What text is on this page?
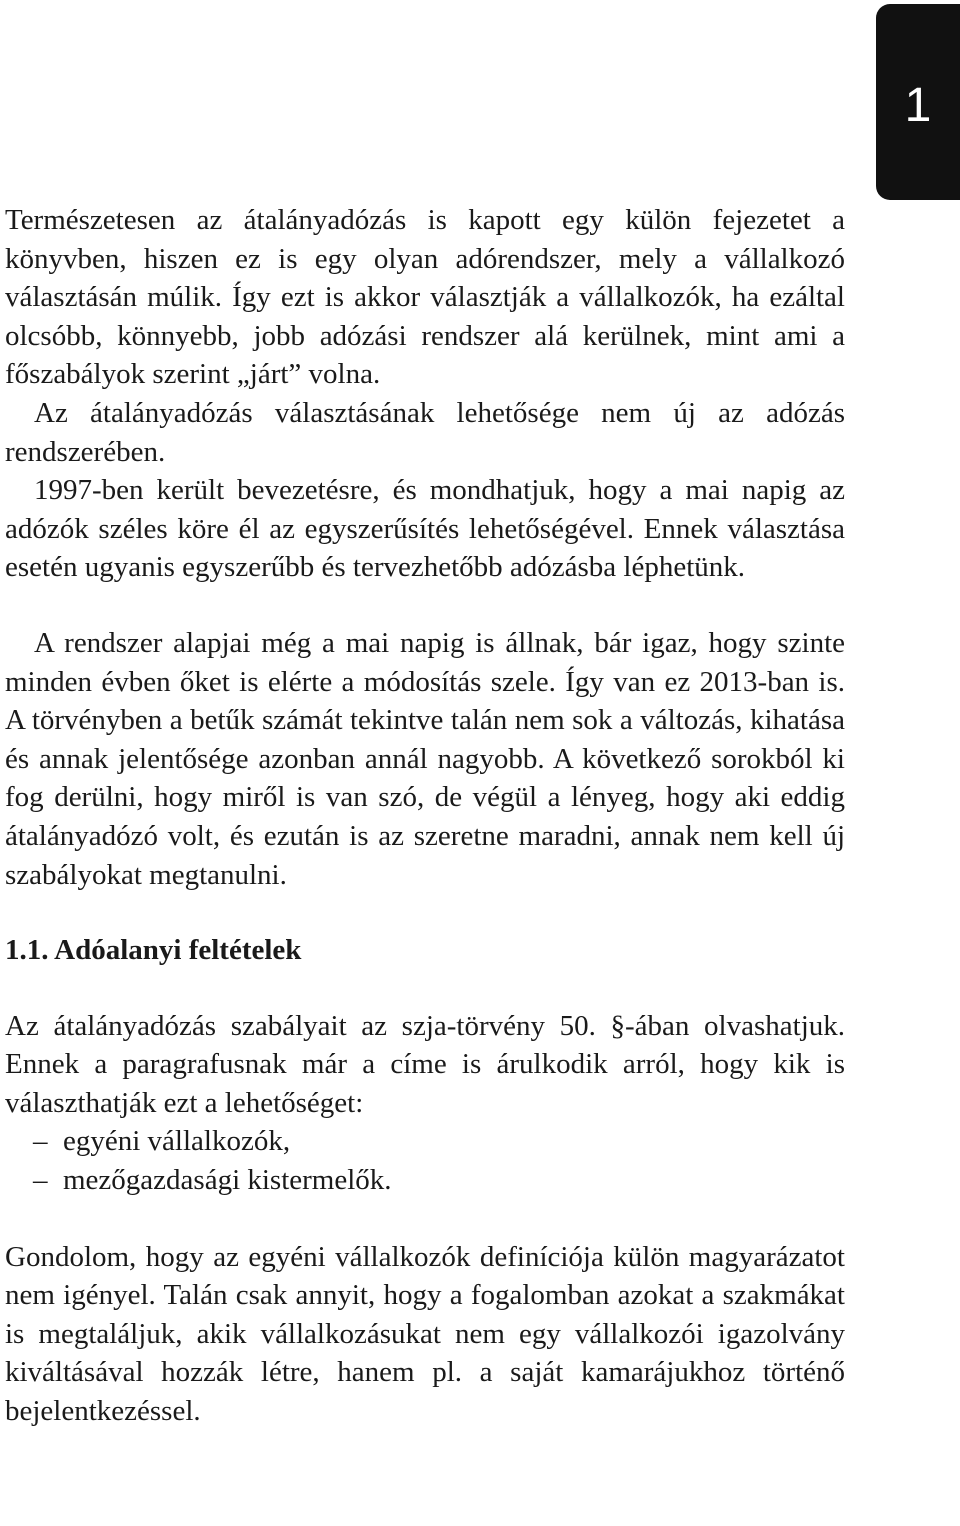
1

Természetesen az átalányadózás is kapott egy külön fejezetet a könyvben, hiszen ez is egy olyan adórendszer, mely a vállalkozó választásán múlik. Így ezt is akkor választják a vállalkozók, ha ezáltal olcsóbb, könnyebb, jobb adózási rendszer alá kerülnek, mint ami a főszabályok szerint „járt” volna.

Az átalányadózás választásának lehetősége nem új az adózás rendszerében.

1997-ben került bevezetésre, és mondhatjuk, hogy a mai napig az adózók széles köre él az egyszerűsítés lehetőségével. Ennek választása esetén ugyanis egyszerűbb és tervezhetőbb adózásba léphetünk.

A rendszer alapjai még a mai napig is állnak, bár igaz, hogy szinte minden évben őket is elérte a módosítás szele. Így van ez 2013-ban is. A törvényben a betűk számát tekintve talán nem sok a változás, kihatása és annak jelentősége azonban annál nagyobb. A következő sorokból ki fog derülni, hogy miről is van szó, de végül a lényeg, hogy aki eddig átalányadózó volt, és ezután is az szeretne maradni, annak nem kell új szabályokat megtanulni.

1.1. Adóalanyi feltételek

Az átalányadózás szabályait az szja-törvény 50. §-ában olvashatjuk. Ennek a paragrafusnak már a címe is árulkodik arról, hogy kik is választhatják ezt a lehetőséget:

– egyéni vállalkozók,
– mezőgazdasági kistermelők.

Gondolom, hogy az egyéni vállalkozók definíciója külön magyarázatot nem igényel. Talán csak annyit, hogy a fogalomban azokat a szakmákat is megtaláljuk, akik vállalkozásukat nem egy vállalkozói igazolvány kiváltásával hozzák létre, hanem pl. a saját kamarájukhoz történő bejelentkezéssel.
